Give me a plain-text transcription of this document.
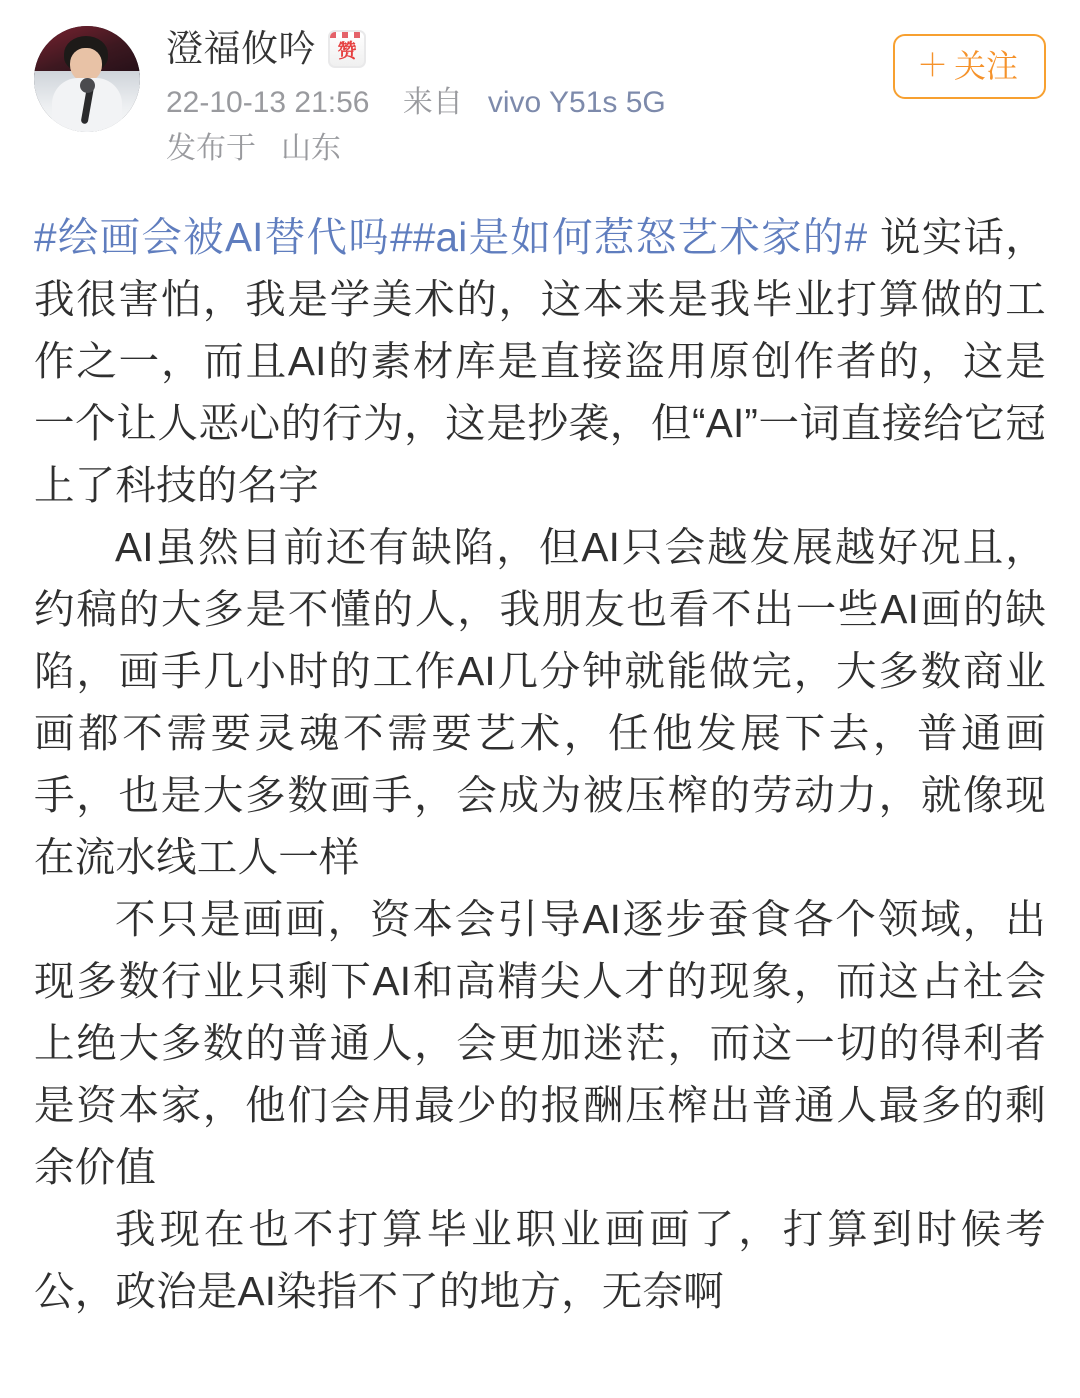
澄福攸吟 赞
22-10-13 21:56 来自 vivo Y51s 5G
发布于 山东
＋ 关注

#绘画会被AI替代吗##ai是如何惹怒艺术家的# 说实话，我很害怕，我是学美术的，这本来是我毕业打算做的工作之一，而且AI的素材库是直接盗用原创作者的，这是一个让人恶心的行为，这是抄袭，但“AI”一词直接给它冠上了科技的名字

AI虽然目前还有缺陷，但AI只会越发展越好况且，约稿的大多是不懂的人，我朋友也看不出一些AI画的缺陷，画手几小时的工作AI几分钟就能做完，大多数商业画都不需要灵魂不需要艺术，任他发展下去，普通画手，也是大多数画手，会成为被压榨的劳动力，就像现在流水线工人一样

不只是画画，资本会引导AI逐步蚕食各个领域，出现多数行业只剩下AI和高精尖人才的现象，而这占社会上绝大多数的普通人，会更加迷茫，而这一切的得利者是资本家，他们会用最少的报酬压榨出普通人最多的剩余价值

我现在也不打算毕业职业画画了，打算到时候考公，政治是AI染指不了的地方，无奈啊
